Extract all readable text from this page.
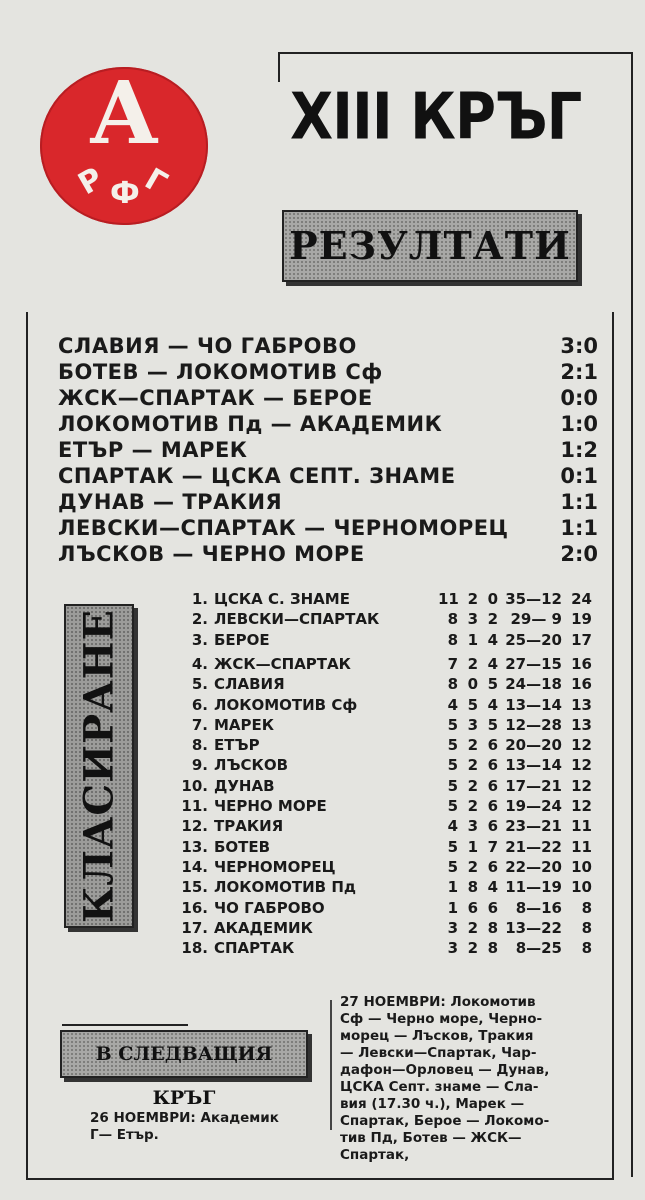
А
Р Ф Г
XIII КРЪГ
РЕЗУЛТАТИ
СЛАВИЯ — ЧО ГАБРОВО	3:0
БОТЕВ — ЛОКОМОТИВ Сф	2:1
ЖСК—СПАРТАК — БЕРОЕ	0:0
ЛОКОМОТИВ Пд — АКАДЕМИК	1:0
ЕТЪР — МАРЕК	1:2
СПАРТАК — ЦСКА СЕПТ. ЗНАМЕ	0:1
ДУНАВ — ТРАКИЯ	1:1
ЛЕВСКИ—СПАРТАК — ЧЕРНОМОРЕЦ 1:1
ЛЪСКОВ — ЧЕРНО МОРЕ	2:0
КЛАСИРАНЕ
1. ЦСКА С. ЗНАМЕ	11 2 0 35—12 24
2. ЛЕВСКИ—СПАРТАК	8 3 2 29— 9 19
3. БЕРОЕ	8 1 4 25—20 17
4. ЖСК—СПАРТАК	7 2 4 27—15 16
5. СЛАВИЯ	8 0 5 24—18 16
6. ЛОКОМОТИВ Сф	4 5 4 13—14 13
7. МАРЕК	5 3 5 12—28 13
8. ЕТЪР	5 2 6 20—20 12
9. ЛЪСКОВ	5 2 6 13—14 12
10. ДУНАВ	5 2 6 17—21 12
11. ЧЕРНО МОРЕ	5 2 6 19—24 12
12. ТРАКИЯ	4 3 6 23—21 11
13. БОТЕВ	5 1 7 21—22 11
14. ЧЕРНОМОРЕЦ	5 2 6 22—20 10
15. ЛОКОМОТИВ Пд	1 8 4 11—19 10
16. ЧО ГАБРОВО	1 6 6	8—16	8
17. АКАДЕМИК	3 2 8 13—22	8
18. СПАРТАК	3 2 8	8—25	8
В СЛЕДВАЩИЯ КРЪГ
27 НОЕМВРИ: Локомотив
Сф — Черно море, Черно-
морец — Лъсков, Тракия
— Левски—Спартак, Чар-
дафон—Орловец — Дунав,
ЦСКА Септ. знаме — Сла-
вия (17.30 ч.), Марек —
Спартак, Берое — Локомо-
тив Пд, Ботев — ЖСК—
Спартак,
26 НОЕМВРИ: Академик
Г— Етър.
